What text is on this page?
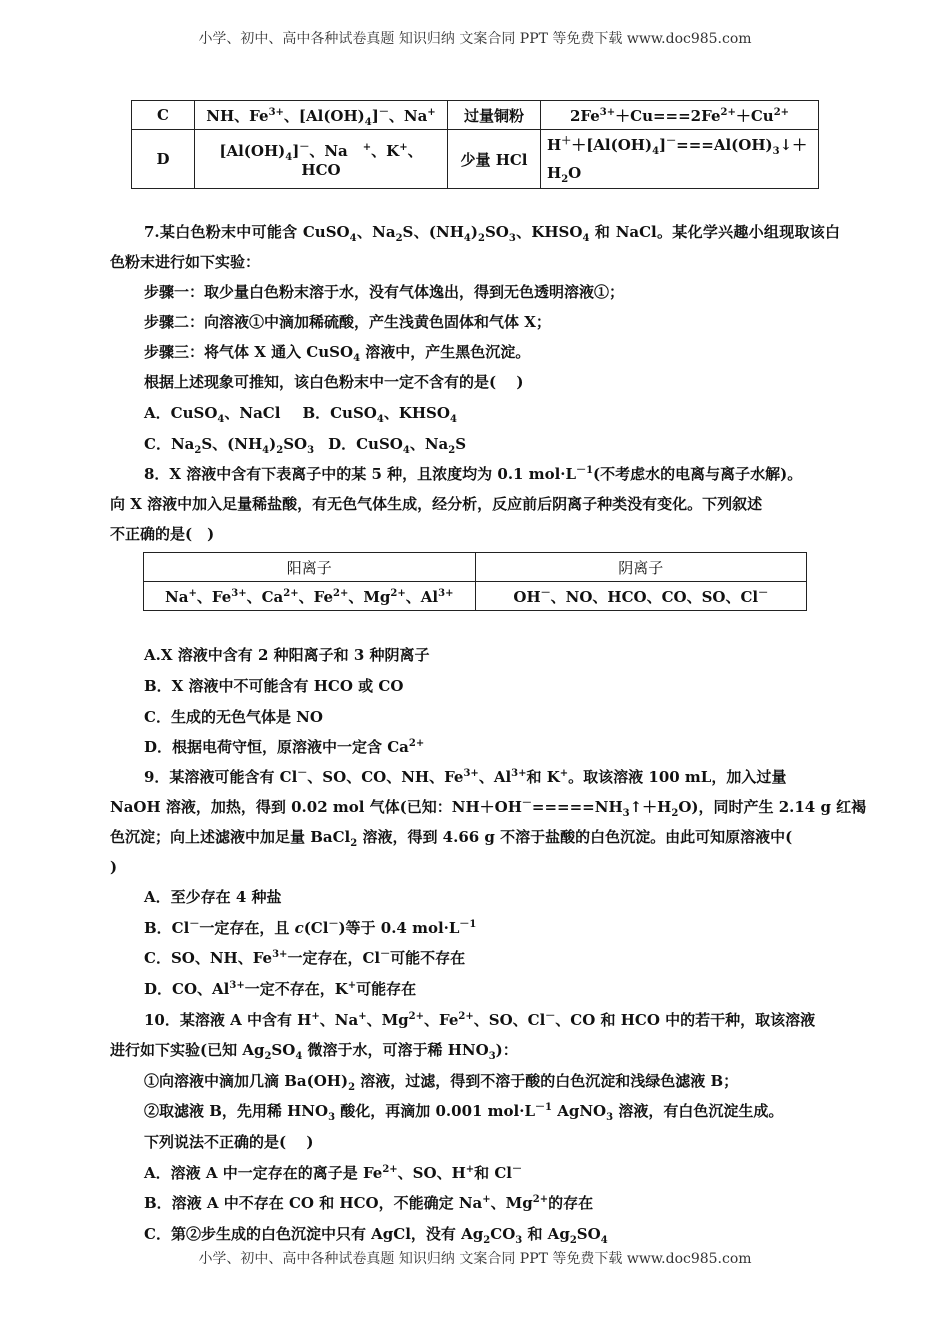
小学、初中、高中各种试卷真题 知识归纳 文案合同 PPT 等免费下载 www.doc985.com
C	NH、$Fe^{3+}$、$[Al(OH)_4]^-$、Na+	过量铜粉	$2Fe^{3+}+Cu===2Fe^{2+}+Cu^{2+}$
D	$[Al(OH)_4]^-$、Na　+、K+、HCO	少量 HCl	$H^++[Al(OH)_4]^-===Al(OH)_3↓+$
$H_2O$
7.某白色粉末中可能含 CuSO$_4$、$Na_2S$、$(NH_4)_2SO_3$、$KHSO_4$ 和 NaCl。某化学兴趣小组现取该白色粉末进行如下实验：
步骤一：取少量白色粉末溶于水，没有气体逸出，得到无色透明溶液①；
步骤二：向溶液①中滴加稀硫酸，产生浅黄色固体和气体 X；
步骤三：将气体 X 通入 CuSO$_4$ 溶液中，产生黑色沉淀。
根据上述现象可推知，该白色粉末中一定不含有的是(　 )
A．CuSO$_4$、NaCl B．CuSO$_4$、$KHSO_4$
C．$Na_2S$、$(NH_4)_2SO_3$ D．CuSO$_4$、$Na_2S$
8．X 溶液中含有下表离子中的某 5 种，且浓度均为 0.1 $mol\cdot L^{-1}$(不考虑水的电离与离子水解)。
向 X 溶液中加入足量稀盐酸，有无色气体生成，经分析，反应前后阴离子种类没有变化。下列叙述
不正确的是(　)
阳离子	阴离子
Na+、$Fe^{3+}$、$Ca^{2+}$、$Fe^{2+}$、$Mg^{2+}$、$Al^{3+}$	OH－、NO、HCO、CO、SO、Cl－
A.X 溶液中含有 2 种阳离子和 3 种阴离子
B．X 溶液中不可能含有 HCO 或 CO
C．生成的无色气体是 NO
D．根据电荷守恒，原溶液中一定含 $Ca^{2+}$
9．某溶液可能含有 Cl－、SO、CO、NH、$Fe^{3+}$、$Al^{3+}$和 K+。取该溶液 100 mL，加入过量
NaOH 溶液，加热，得到 0.02 mol 气体(已知：$NH+OH^-=====NH_3↑+H_2O$)，同时产生 2.14 g 红褐
色沉淀；向上述滤液中加足量 BaCl$_2$ 溶液，得到 4.66 g 不溶于盐酸的白色沉淀。由此可知原溶液中(
)
A．至少存在 4 种盐
B．Cl－一定存在，且 c(Cl－)等于 0.4 $mol\cdot L^{-1}$
C．SO、NH、$Fe^{3+}$一定存在，Cl－可能不存在
D．CO、$Al^{3+}$一定不存在，K+可能存在
10．某溶液 A 中含有 H+、Na+、$Mg^{2+}$、$Fe^{2+}$、SO、Cl－、CO 和 HCO 中的若干种，取该溶液
进行如下实验(已知 $Ag_2SO_4$ 微溶于水，可溶于稀 $HNO_3$)：
①向溶液中滴加几滴 $Ba(OH)_2$ 溶液，过滤，得到不溶于酸的白色沉淀和浅绿色滤液 B；
②取滤液 B，先用稀 $HNO_3$ 酸化，再滴加 0.001 $mol\cdot L^{-1}$ AgNO$_3$ 溶液，有白色沉淀生成。
下列说法不正确的是(　 )
A．溶液 A 中一定存在的离子是 $Fe^{2+}$、SO、H+和 Cl－
B．溶液 A 中不存在 CO 和 HCO，不能确定 Na+、$Mg^{2+}$的存在
C．第②步生成的白色沉淀中只有 AgCl，没有 $Ag_2CO_3$ 和 $Ag_2SO_4$
小学、初中、高中各种试卷真题 知识归纳 文案合同 PPT 等免费下载 www.doc985.com
